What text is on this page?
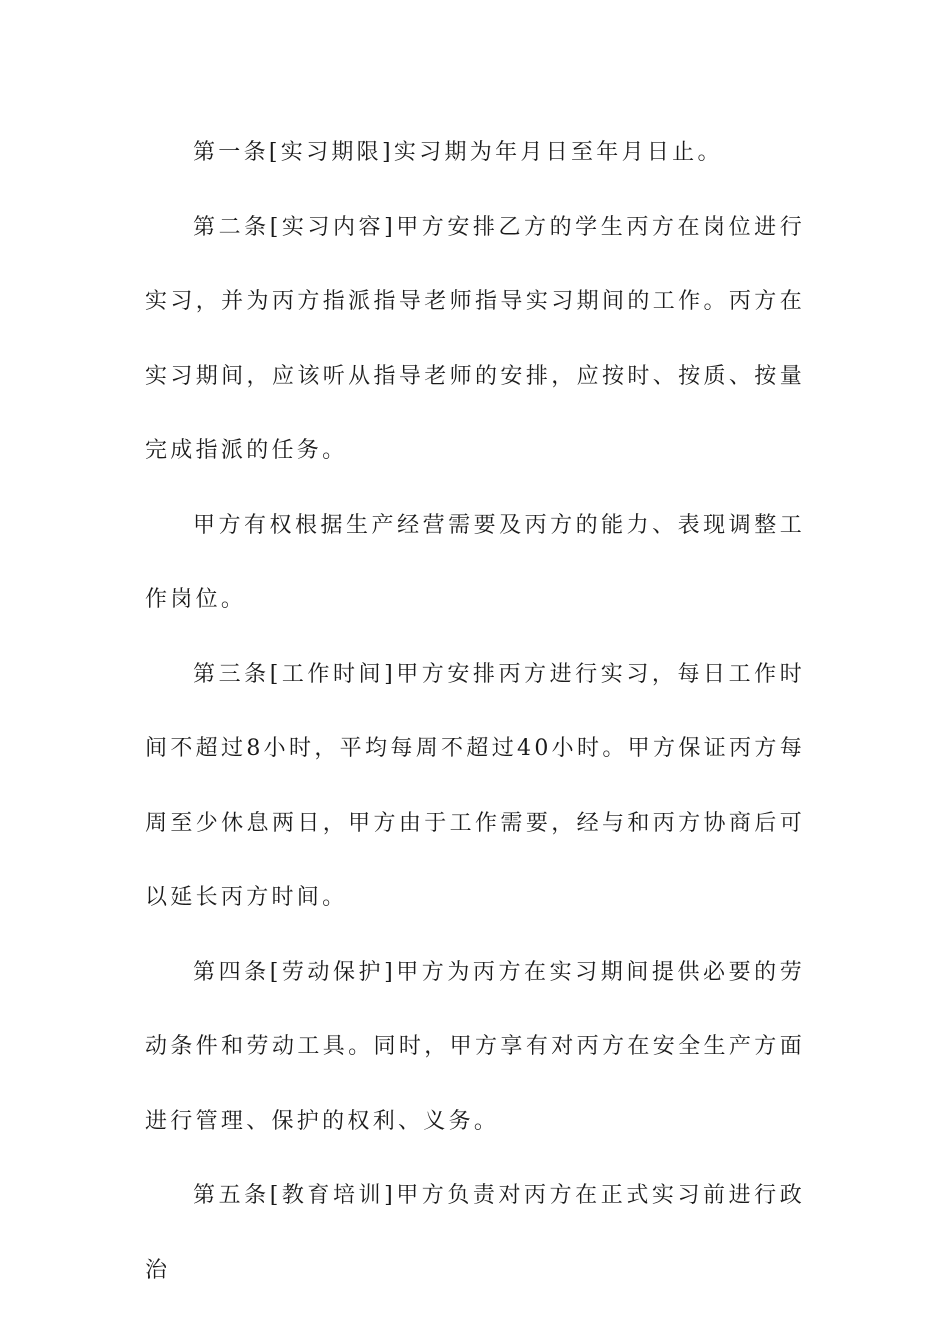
第一条[实习期限]实习期为年月日至年月日止。

第二条[实习内容]甲方安排乙方的学生丙方在岗位进行实习，并为丙方指派指导老师指导实习期间的工作。丙方在实习期间，应该听从指导老师的安排，应按时、按质、按量完成指派的任务。

甲方有权根据生产经营需要及丙方的能力、表现调整工作岗位。

第三条[工作时间]甲方安排丙方进行实习，每日工作时间不超过8小时，平均每周不超过40小时。甲方保证丙方每周至少休息两日，甲方由于工作需要，经与和丙方协商后可以延长丙方时间。

第四条[劳动保护]甲方为丙方在实习期间提供必要的劳动条件和劳动工具。同时，甲方享有对丙方在安全生产方面进行管理、保护的权利、义务。

第五条[教育培训]甲方负责对丙方在正式实习前进行政治
